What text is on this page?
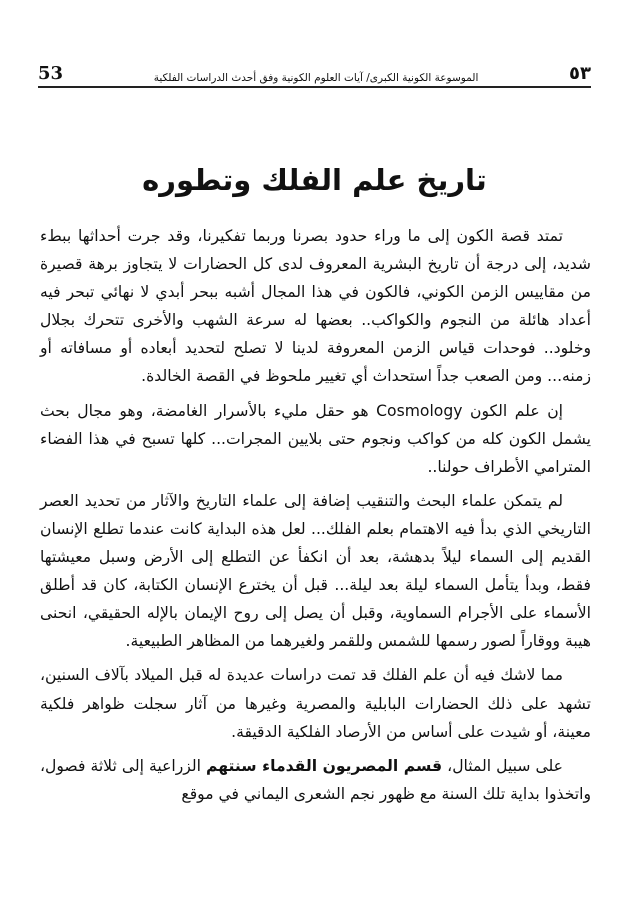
53	الموسوعة الكونية الكبرى/ آيات العلوم الكونية وفق أحدث الدراسات الفلكية	٥٣
تاريخ علم الفلك وتطوره

تمتد قصة الكون إلى ما وراء حدود بصرنا وربما تفكيرنا، وقد جرت أحداثها ببطء شديد، إلى درجة أن تاريخ البشرية المعروف لدى كل الحضارات لا يتجاوز برهة قصيرة من مقاييس الزمن الكوني، فالكون في هذا المجال أشبه ببحر أبدي لا نهائي تبحر فيه أعداد هائلة من النجوم والكواكب.. بعضها له سرعة الشهب والأخرى تتحرك بجلال وخلود.. فوحدات قياس الزمن المعروفة لدينا لا تصلح لتحديد أبعاده أو مسافاته أو زمنه... ومن الصعب جداً استحداث أي تغيير ملحوظ في القصة الخالدة.

إن علم الكون Cosmology هو حقل مليء بالأسرار الغامضة، وهو مجال بحث يشمل الكون كله من كواكب ونجوم حتى بلايين المجرات... كلها تسبح في هذا الفضاء المترامي الأطراف حولنا..

لم يتمكن علماء البحث والتنقيب إضافة إلى علماء التاريخ والآثار من تحديد العصر التاريخي الذي بدأ فيه الاهتمام بعلم الفلك... لعل هذه البداية كانت عندما تطلع الإنسان القديم إلى السماء ليلاً بدهشة، بعد أن انكفأ عن التطلع إلى الأرض وسبل معيشتها فقط، وبدأ يتأمل السماء ليلة بعد ليلة... قبل أن يخترع الإنسان الكتابة، كان قد أطلق الأسماء على الأجرام السماوية، وقبل أن يصل إلى روح الإيمان بالإله الحقيقي، انحنى هيبة ووقاراً لصور رسمها للشمس وللقمر ولغيرهما من المظاهر الطبيعية.

مما لاشك فيه أن علم الفلك قد تمت دراسات عديدة له قبل الميلاد بآلاف السنين، تشهد على ذلك الحضارات البابلية والمصرية وغيرها من آثار سجلت ظواهر فلكية معينة، أو شيدت على أساس من الأرصاد الفلكية الدقيقة.

على سبيل المثال، قسم المصريون القدماء سنتهم الزراعية إلى ثلاثة فصول، واتخذوا بداية تلك السنة مع ظهور نجم الشعرى اليماني في موقع
